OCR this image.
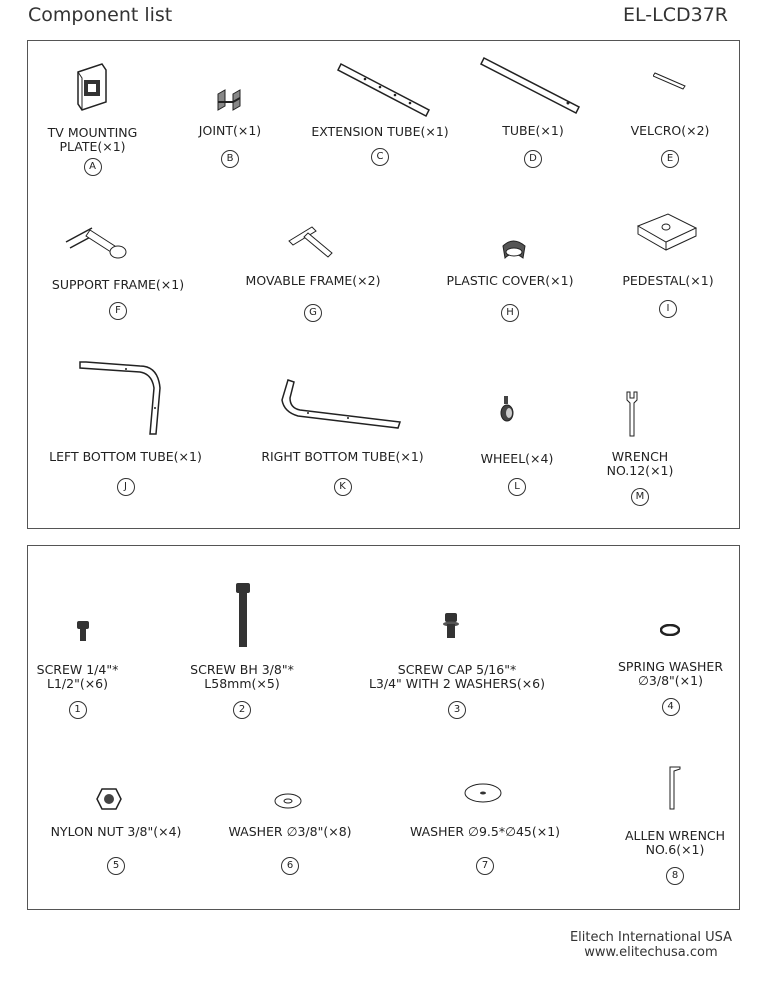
Component list	EL-LCD37R
TV MOUNTING
PLATE(×1)
A
JOINT(×1)
B
EXTENSION TUBE(×1)
C
TUBE(×1)
D
VELCRO(×2)
E
SUPPORT FRAME(×1)
F
MOVABLE FRAME(×2)
G
PLASTIC COVER(×1)
H
PEDESTAL(×1)
I
LEFT BOTTOM TUBE(×1)
J
RIGHT BOTTOM TUBE(×1)
K
WHEEL(×4)
L
WRENCH
NO.12(×1)
M
SCREW 1/4"*
L1/2"(×6)
1
SCREW BH 3/8"*
L58mm(×5)
2
SCREW CAP 5/16"*
L3/4" WITH 2 WASHERS(×6)
3
SPRING WASHER
∅3/8"(×1)
4
NYLON NUT 3/8"(×4)
5
WASHER ∅3/8"(×8)
6
WASHER ∅9.5*∅45(×1)
7
ALLEN WRENCH
NO.6(×1)
8
Elitech International USA
www.elitechusa.com
